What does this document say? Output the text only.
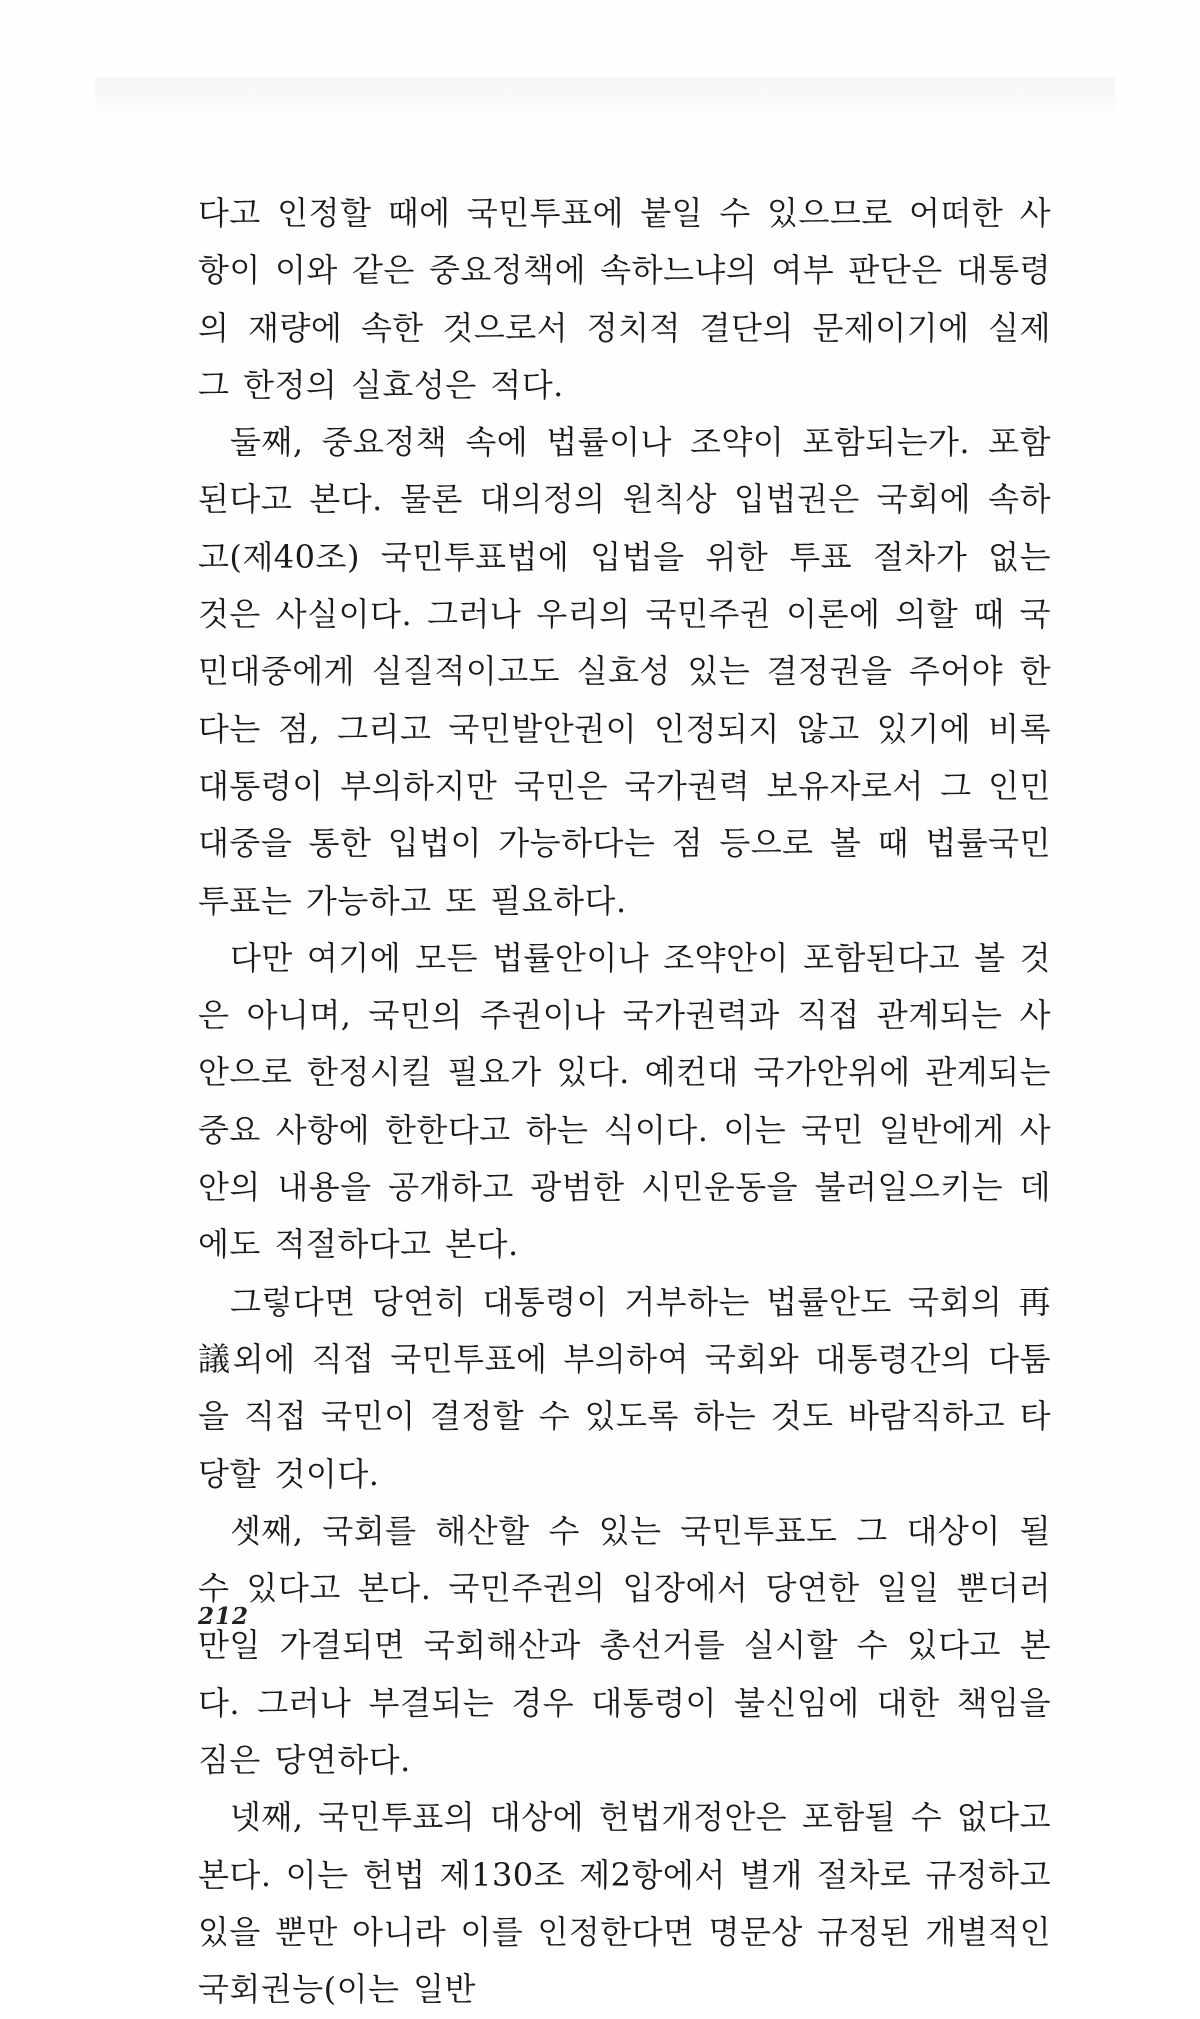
다고 인정할 때에 국민투표에 붙일 수 있으므로 어떠한 사항이 이와 같은 중요정책에 속하느냐의 여부 판단은 대통령의 재량에 속한 것으로서 정치적 결단의 문제이기에 실제 그 한정의 실효성은 적다.

둘째, 중요정책 속에 법률이나 조약이 포함되는가. 포함된다고 본다. 물론 대의정의 원칙상 입법권은 국회에 속하고(제40조) 국민투표법에 입법을 위한 투표 절차가 없는 것은 사실이다. 그러나 우리의 국민주권 이론에 의할 때 국민대중에게 실질적이고도 실효성 있는 결정권을 주어야 한다는 점, 그리고 국민발안권이 인정되지 않고 있기에 비록 대통령이 부의하지만 국민은 국가권력 보유자로서 그 인민대중을 통한 입법이 가능하다는 점 등으로 볼 때 법률국민투표는 가능하고 또 필요하다.

다만 여기에 모든 법률안이나 조약안이 포함된다고 볼 것은 아니며, 국민의 주권이나 국가권력과 직접 관계되는 사안으로 한정시킬 필요가 있다. 예컨대 국가안위에 관계되는 중요 사항에 한한다고 하는 식이다. 이는 국민 일반에게 사안의 내용을 공개하고 광범한 시민운동을 불러일으키는 데에도 적절하다고 본다.

그렇다면 당연히 대통령이 거부하는 법률안도 국회의 再議외에 직접 국민투표에 부의하여 국회와 대통령간의 다툼을 직접 국민이 결정할 수 있도록 하는 것도 바람직하고 타당할 것이다.

셋째, 국회를 해산할 수 있는 국민투표도 그 대상이 될 수 있다고 본다. 국민주권의 입장에서 당연한 일일 뿐더러 만일 가결되면 국회해산과 총선거를 실시할 수 있다고 본다. 그러나 부결되는 경우 대통령이 불신임에 대한 책임을 짐은 당연하다.

넷째, 국민투표의 대상에 헌법개정안은 포함될 수 없다고 본다. 이는 헌법 제130조 제2항에서 별개 절차로 규정하고 있을 뿐만 아니라 이를 인정한다면 명문상 규정된 개별적인 국회권능(이는 일반

212
